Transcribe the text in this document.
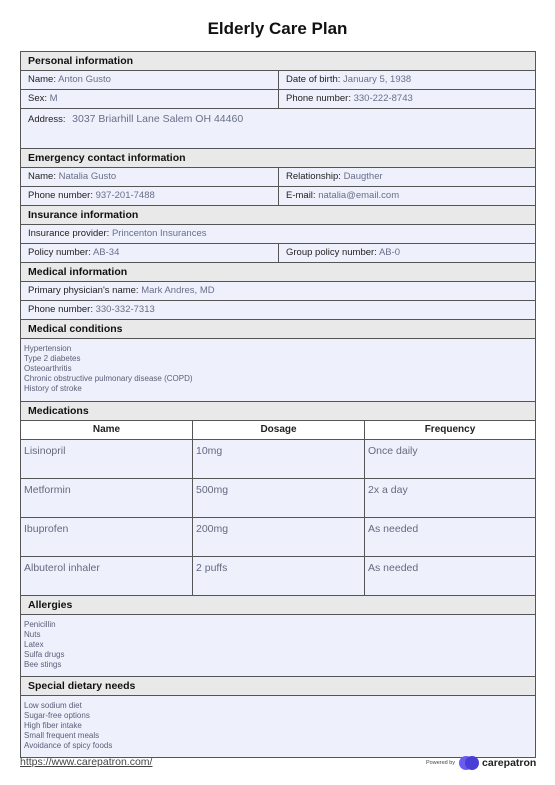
Elderly Care Plan
Personal information
Name: Anton Gusto	Date of birth: January 5, 1938
Sex: M	Phone number: 330-222-8743
Address: 3037 Briarhill Lane Salem OH 44460
Emergency contact information
Name: Natalia Gusto	Relationship: Daugther
Phone number: 937-201-7488	E-mail: natalia@email.com
Insurance information
Insurance provider: Princenton Insurances
Policy number: AB-34	Group policy number: AB-0
Medical information
Primary physician's name: Mark Andres, MD
Phone number: 330-332-7313
Medical conditions
Hypertension
Type 2 diabetes
Osteoarthritis
Chronic obstructive pulmonary disease (COPD)
History of stroke
Medications
Name	Dosage	Frequency
Lisinopril	10mg	Once daily
Metformin	500mg	2x a day
Ibuprofen	200mg	As needed
Albuterol inhaler	2 puffs	As needed
Allergies
Penicillin
Nuts
Latex
Sulfa drugs
Bee stings
Special dietary needs
Low sodium diet
Sugar-free options
High fiber intake
Small frequent meals
Avoidance of spicy foods
https://www.carepatron.com/	Powered by	carepatron
